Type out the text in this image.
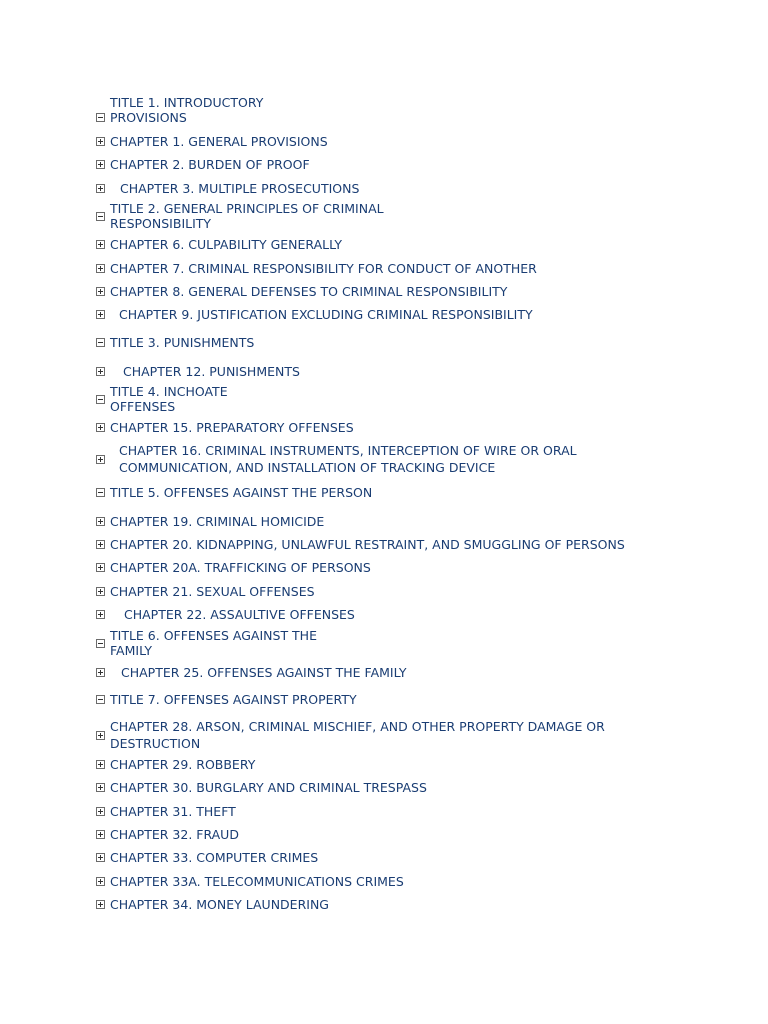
TITLE 1. INTRODUCTORY
PROVISIONS
CHAPTER 1. GENERAL PROVISIONS
CHAPTER 2. BURDEN OF PROOF
CHAPTER 3. MULTIPLE PROSECUTIONS
TITLE 2. GENERAL PRINCIPLES OF CRIMINAL
RESPONSIBILITY
CHAPTER 6. CULPABILITY GENERALLY
CHAPTER 7. CRIMINAL RESPONSIBILITY FOR CONDUCT OF ANOTHER
CHAPTER 8. GENERAL DEFENSES TO CRIMINAL RESPONSIBILITY
CHAPTER 9. JUSTIFICATION EXCLUDING CRIMINAL RESPONSIBILITY
TITLE 3. PUNISHMENTS
CHAPTER 12. PUNISHMENTS
TITLE 4. INCHOATE
OFFENSES
CHAPTER 15. PREPARATORY OFFENSES
CHAPTER 16. CRIMINAL INSTRUMENTS, INTERCEPTION OF WIRE OR ORAL
COMMUNICATION, AND INSTALLATION OF TRACKING DEVICE
TITLE 5. OFFENSES AGAINST THE PERSON
CHAPTER 19. CRIMINAL HOMICIDE
CHAPTER 20. KIDNAPPING, UNLAWFUL RESTRAINT, AND SMUGGLING OF PERSONS
CHAPTER 20A. TRAFFICKING OF PERSONS
CHAPTER 21. SEXUAL OFFENSES
CHAPTER 22. ASSAULTIVE OFFENSES
TITLE 6. OFFENSES AGAINST THE
FAMILY
CHAPTER 25. OFFENSES AGAINST THE FAMILY
TITLE 7. OFFENSES AGAINST PROPERTY
CHAPTER 28. ARSON, CRIMINAL MISCHIEF, AND OTHER PROPERTY DAMAGE OR
DESTRUCTION
CHAPTER 29. ROBBERY
CHAPTER 30. BURGLARY AND CRIMINAL TRESPASS
CHAPTER 31. THEFT
CHAPTER 32. FRAUD
CHAPTER 33. COMPUTER CRIMES
CHAPTER 33A. TELECOMMUNICATIONS CRIMES
CHAPTER 34. MONEY LAUNDERING
